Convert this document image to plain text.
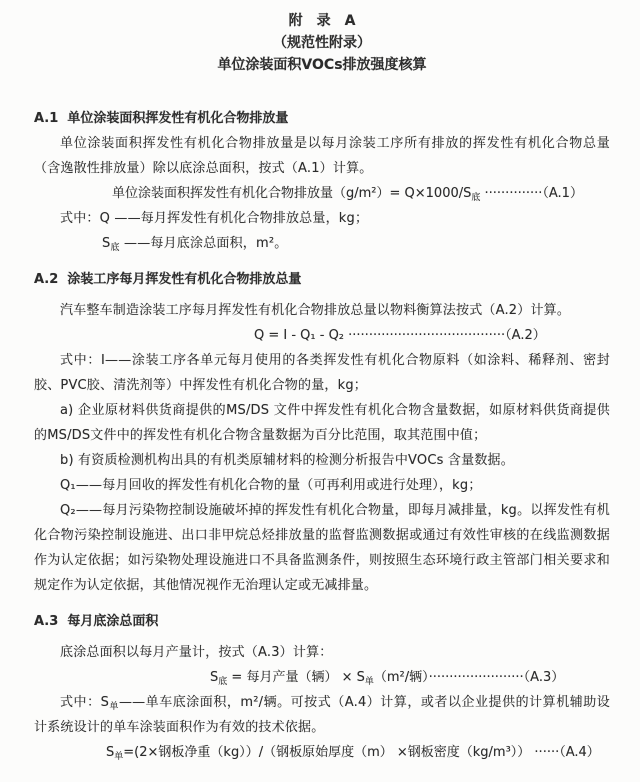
附　录　A

（规范性附录）

单位涂装面积VOCs排放强度核算

A.1 单位涂装面积挥发性有机化合物排放量

单位涂装面积挥发性有机化合物排放量是以每月涂装工序所有排放的挥发性有机化合物总量（含逸散性排放量）除以底涂总面积，按式（A.1）计算。

单位涂装面积挥发性有机化合物排放量$(g/m^2)= Q\times 1000/S_底 \cdot\cdot\cdot\cdot\cdot\cdot\cdot\cdot\cdot\cdot\cdot\cdot\cdot\cdot(A.1)$

式中：Q ——每月挥发性有机化合物排放总量，kg；

$S_底$ ——每月底涂总面积，m²。

A.2 涂装工序每月挥发性有机化合物排放总量

汽车整车制造涂装工序每月挥发性有机化合物排放总量以物料衡算法按式（A.2）计算。

Q = I - Q₁ - Q₂ ······································（A.2）

式中：I——涂装工序各单元每月使用的各类挥发性有机化合物原料（如涂料、稀释剂、密封胶、PVC胶、清洗剂等）中挥发性有机化合物的量，kg；

a) 企业原材料供货商提供的MS/DS 文件中挥发性有机化合物含量数据，如原材料供货商提供的MS/DS文件中的挥发性有机化合物含量数据为百分比范围，取其范围中值；

b) 有资质检测机构出具的有机类原辅材料的检测分析报告中VOCs 含量数据。

Q₁——每月回收的挥发性有机化合物的量（可再利用或进行处理），kg；

Q₂——每月污染物控制设施破坏掉的挥发性有机化合物量，即每月减排量，kg。以挥发性有机化合物污染控制设施进、出口非甲烷总烃排放量的监督监测数据或通过有效性审核的在线监测数据作为认定依据；如污染物处理设施进口不具备监测条件，则按照生态环境行政主管部门相关要求和规定作为认定依据，其他情况视作无治理认定或无减排量。

A.3 每月底涂总面积

底涂总面积以每月产量计，按式（A.3）计算：

$S_底$ = 每月产量（辆） × $S_单(m^2/$辆）·······················（A.3）

式中：$S_单——$单车底涂面积，m²/辆。可按式（A.4）计算，或者以企业提供的计算机辅助设计系统设计的单车涂装面积作为有效的技术依据。

$S_单=(2\times$钢板净重（kg））/（钢板原始厚度（m） ×钢板密度（kg/m³）） ······（A.4）
